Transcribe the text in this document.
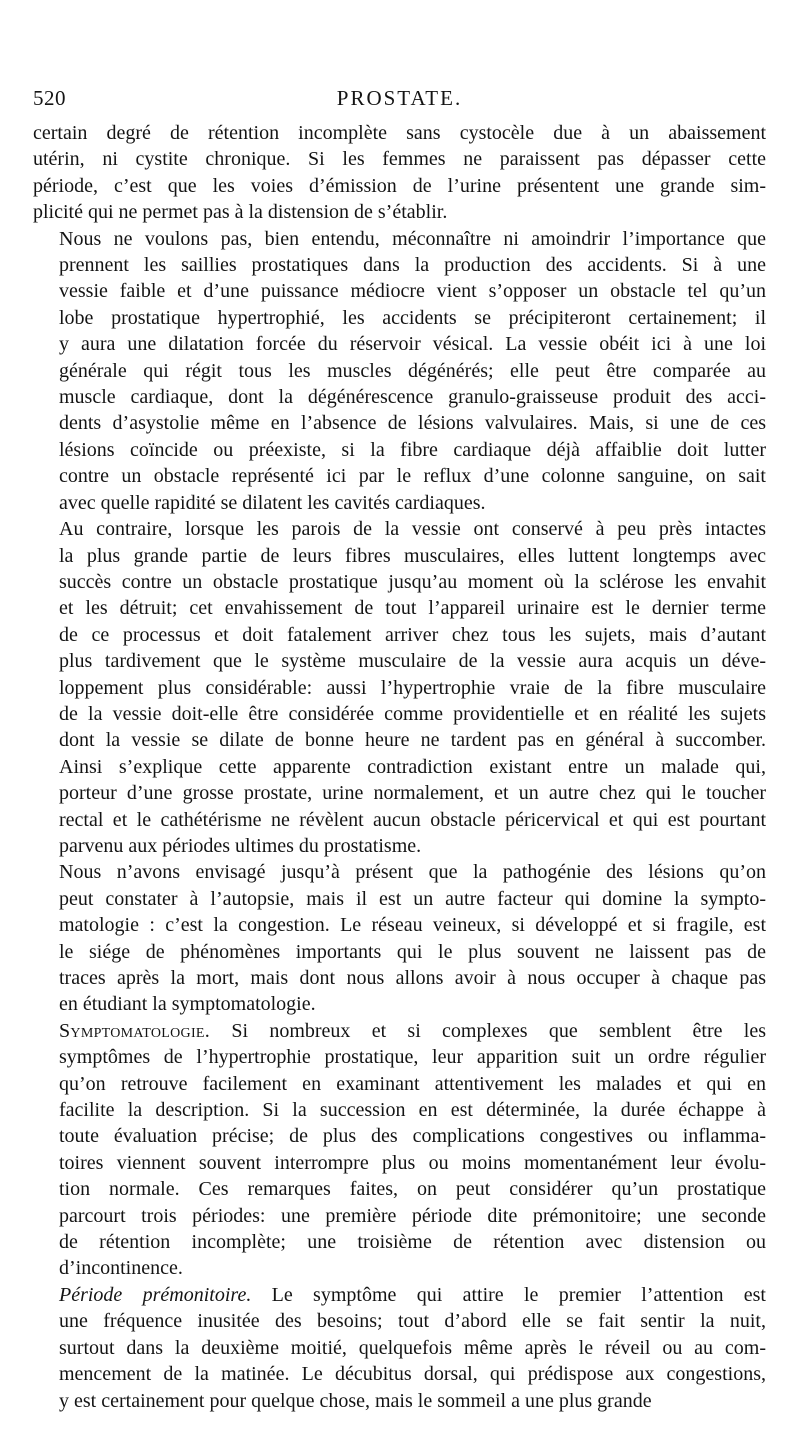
520	PROSTATE.
certain degré de rétention incomplète sans cystocèle due à un abaissement
utérin, ni cystite chronique. Si les femmes ne paraissent pas dépasser cette
période, c’est que les voies d’émission de l’urine présentent une grande sim-
plicité qui ne permet pas à la distension de s’établir.
Nous ne voulons pas, bien entendu, méconnaître ni amoindrir l’importance que
prennent les saillies prostatiques dans la production des accidents. Si à une
vessie faible et d’une puissance médiocre vient s’opposer un obstacle tel qu’un
lobe prostatique hypertrophié, les accidents se précipiteront certainement; il
y aura une dilatation forcée du réservoir vésical. La vessie obéit ici à une loi
générale qui régit tous les muscles dégénérés; elle peut être comparée au
muscle cardiaque, dont la dégénérescence granulo-graisseuse produit des acci-
dents d’asystolie même en l’absence de lésions valvulaires. Mais, si une de ces
lésions coïncide ou préexiste, si la fibre cardiaque déjà affaiblie doit lutter
contre un obstacle représenté ici par le reflux d’une colonne sanguine, on sait
avec quelle rapidité se dilatent les cavités cardiaques.
Au contraire, lorsque les parois de la vessie ont conservé à peu près intactes
la plus grande partie de leurs fibres musculaires, elles luttent longtemps avec
succès contre un obstacle prostatique jusqu’au moment où la sclérose les envahit
et les détruit; cet envahissement de tout l’appareil urinaire est le dernier terme
de ce processus et doit fatalement arriver chez tous les sujets, mais d’autant
plus tardivement que le système musculaire de la vessie aura acquis un déve-
loppement plus considérable: aussi l’hypertrophie vraie de la fibre musculaire
de la vessie doit-elle être considérée comme providentielle et en réalité les sujets
dont la vessie se dilate de bonne heure ne tardent pas en général à succomber.
Ainsi s’explique cette apparente contradiction existant entre un malade qui,
porteur d’une grosse prostate, urine normalement, et un autre chez qui le toucher
rectal et le cathétérisme ne révèlent aucun obstacle péricervical et qui est pourtant
parvenu aux périodes ultimes du prostatisme.
Nous n’avons envisagé jusqu’à présent que la pathogénie des lésions qu’on
peut constater à l’autopsie, mais il est un autre facteur qui domine la sympto-
matologie : c’est la congestion. Le réseau veineux, si développé et si fragile, est
le siége de phénomènes importants qui le plus souvent ne laissent pas de
traces après la mort, mais dont nous allons avoir à nous occuper à chaque pas
en étudiant la symptomatologie.
Symptomatologie. Si nombreux et si complexes que semblent être les
symptômes de l’hypertrophie prostatique, leur apparition suit un ordre régulier
qu’on retrouve facilement en examinant attentivement les malades et qui en
facilite la description. Si la succession en est déterminée, la durée échappe à
toute évaluation précise; de plus des complications congestives ou inflamma-
toires viennent souvent interrompre plus ou moins momentanément leur évolu-
tion normale. Ces remarques faites, on peut considérer qu’un prostatique
parcourt trois périodes: une première période dite prémonitoire; une seconde
de rétention incomplète; une troisième de rétention avec distension ou
d’incontinence.
Période prémonitoire. Le symptôme qui attire le premier l’attention est
une fréquence inusitée des besoins; tout d’abord elle se fait sentir la nuit,
surtout dans la deuxième moitié, quelquefois même après le réveil ou au com-
mencement de la matinée. Le décubitus dorsal, qui prédispose aux congestions,
y est certainement pour quelque chose, mais le sommeil a une plus grande
